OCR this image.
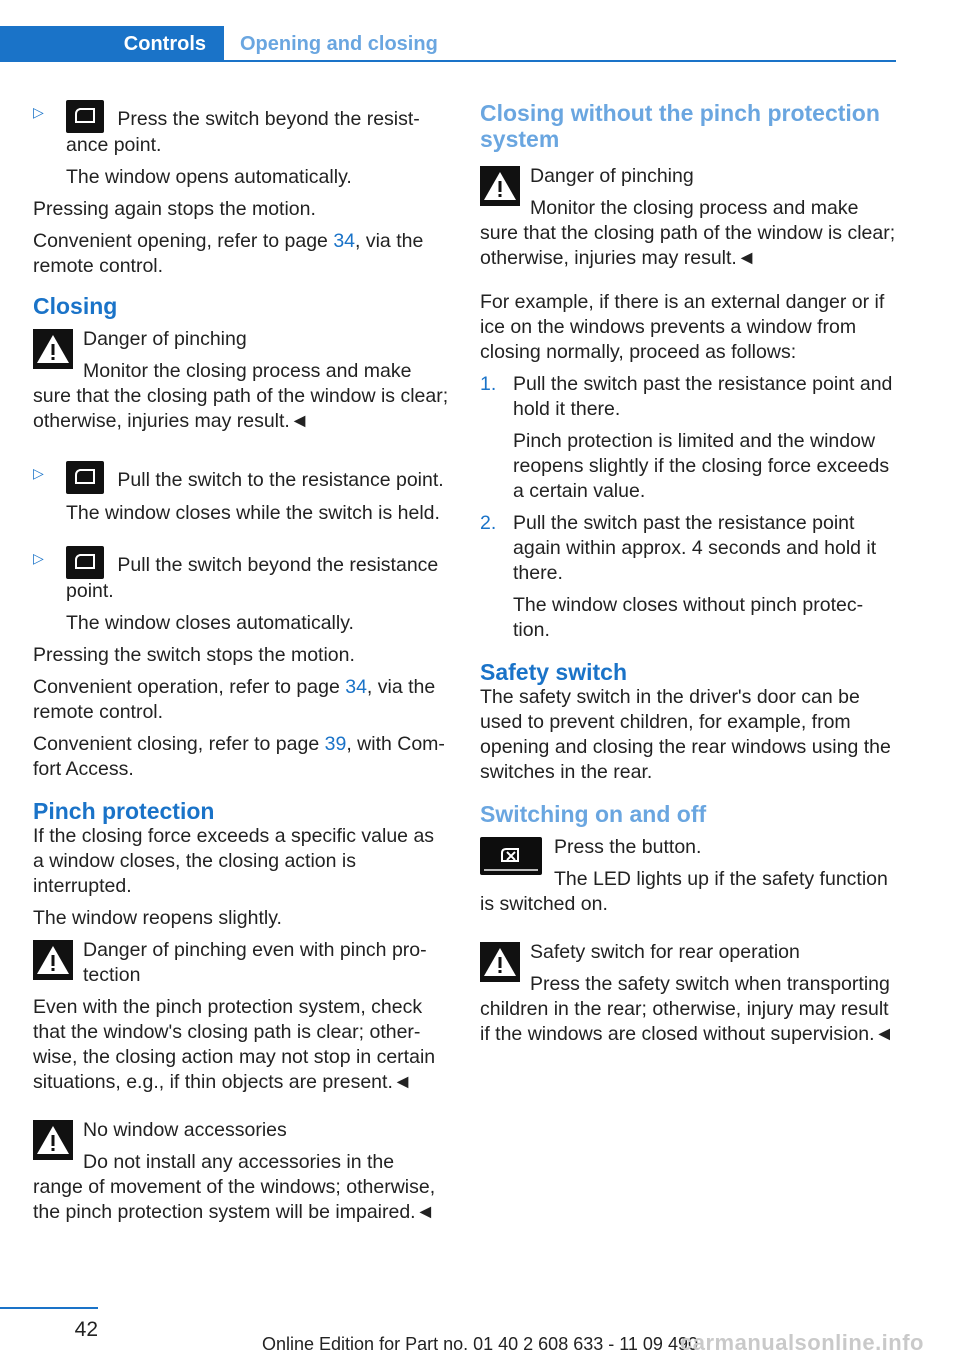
Controls	Opening and closing

▷	Press the switch beyond the resist-ance point.

The window opens automatically.

Pressing again stops the motion.

Convenient opening, refer to page 34, via the remote control.

Closing

Danger of pinching

Monitor the closing process and make sure that the closing path of the window is clear; otherwise, injuries may result.◄

▷	Pull the switch to the resistance point.

The window closes while the switch is held.

▷	Pull the switch beyond the resistance point.

The window closes automatically.

Pressing the switch stops the motion.

Convenient operation, refer to page 34, via the remote control.

Convenient closing, refer to page 39, with Com-fort Access.

Pinch protection

If the closing force exceeds a specific value as a window closes, the closing action is interrupted.

The window reopens slightly.

Danger of pinching even with pinch pro-tection

Even with the pinch protection system, check that the window's closing path is clear; other-wise, the closing action may not stop in certain situations, e.g., if thin objects are present.◄

No window accessories

Do not install any accessories in the range of movement of the windows; otherwise, the pinch protection system will be impaired.◄

Closing without the pinch protection system

Danger of pinching

Monitor the closing process and make sure that the closing path of the window is clear; otherwise, injuries may result.◄

For example, if there is an external danger or if ice on the windows prevents a window from closing normally, proceed as follows:

1. Pull the switch past the resistance point and hold it there.

Pinch protection is limited and the window reopens slightly if the closing force exceeds a certain value.

2. Pull the switch past the resistance point again within approx. 4 seconds and hold it there.

The window closes without pinch protec-tion.

Safety switch

The safety switch in the driver's door can be used to prevent children, for example, from opening and closing the rear windows using the switches in the rear.

Switching on and off

Press the button.

The LED lights up if the safety function is switched on.

Safety switch for rear operation

Press the safety switch when transporting children in the rear; otherwise, injury may result if the windows are closed without supervision.◄

42
Online Edition for Part no. 01 40 2 608 633 - 11 09 490
carmanualsonline.info
